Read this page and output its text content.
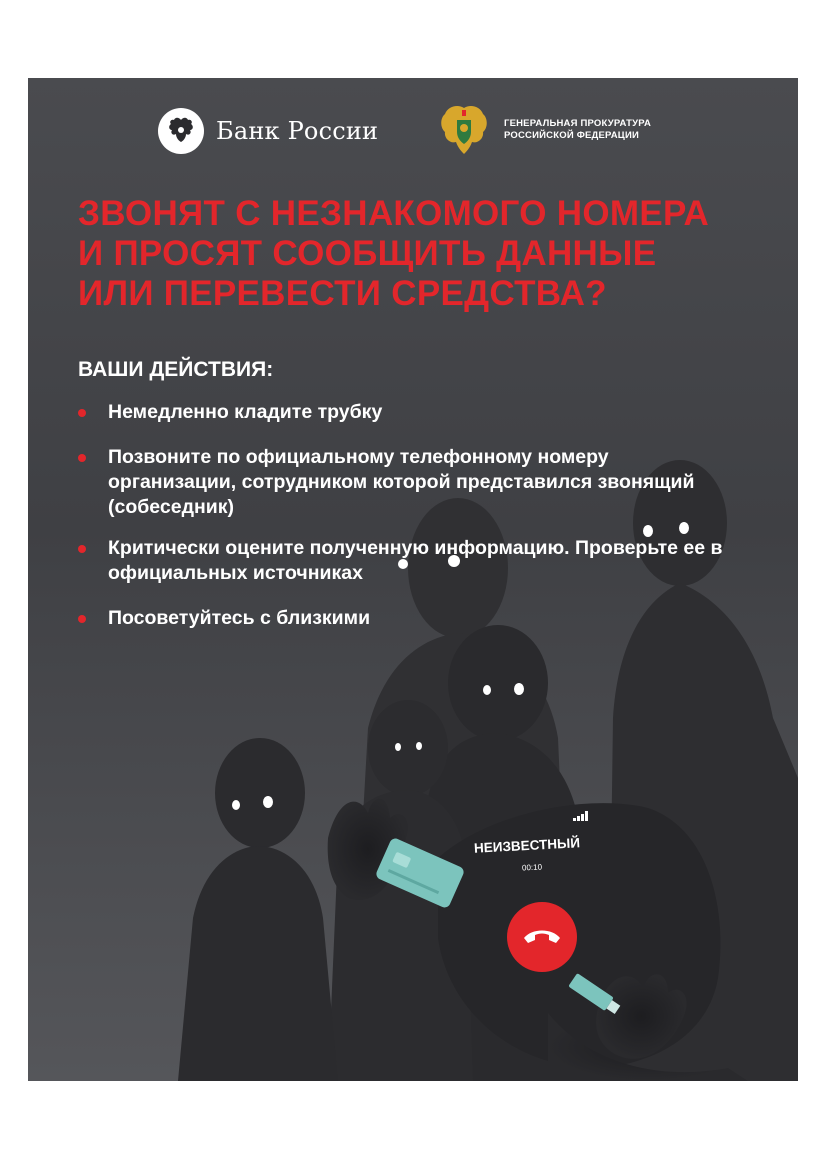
Банк России	ГЕНЕРАЛЬНАЯ ПРОКУРАТУРА
РОССИЙСКОЙ ФЕДЕРАЦИИ
ЗВОНЯТ С НЕЗНАКОМОГО НОМЕРА
И ПРОСЯТ СООБЩИТЬ ДАННЫЕ
ИЛИ ПЕРЕВЕСТИ СРЕДСТВА?
ВАШИ ДЕЙСТВИЯ:
Немедленно кладите трубку
Позвоните по официальному телефонному номеру организации, сотрудником которой представился звонящий (собеседник)
Критически оцените полученную информацию. Проверьте ее в официальных источниках
Посоветуйтесь с близкими
НЕИЗВЕСТНЫЙ
00:10
